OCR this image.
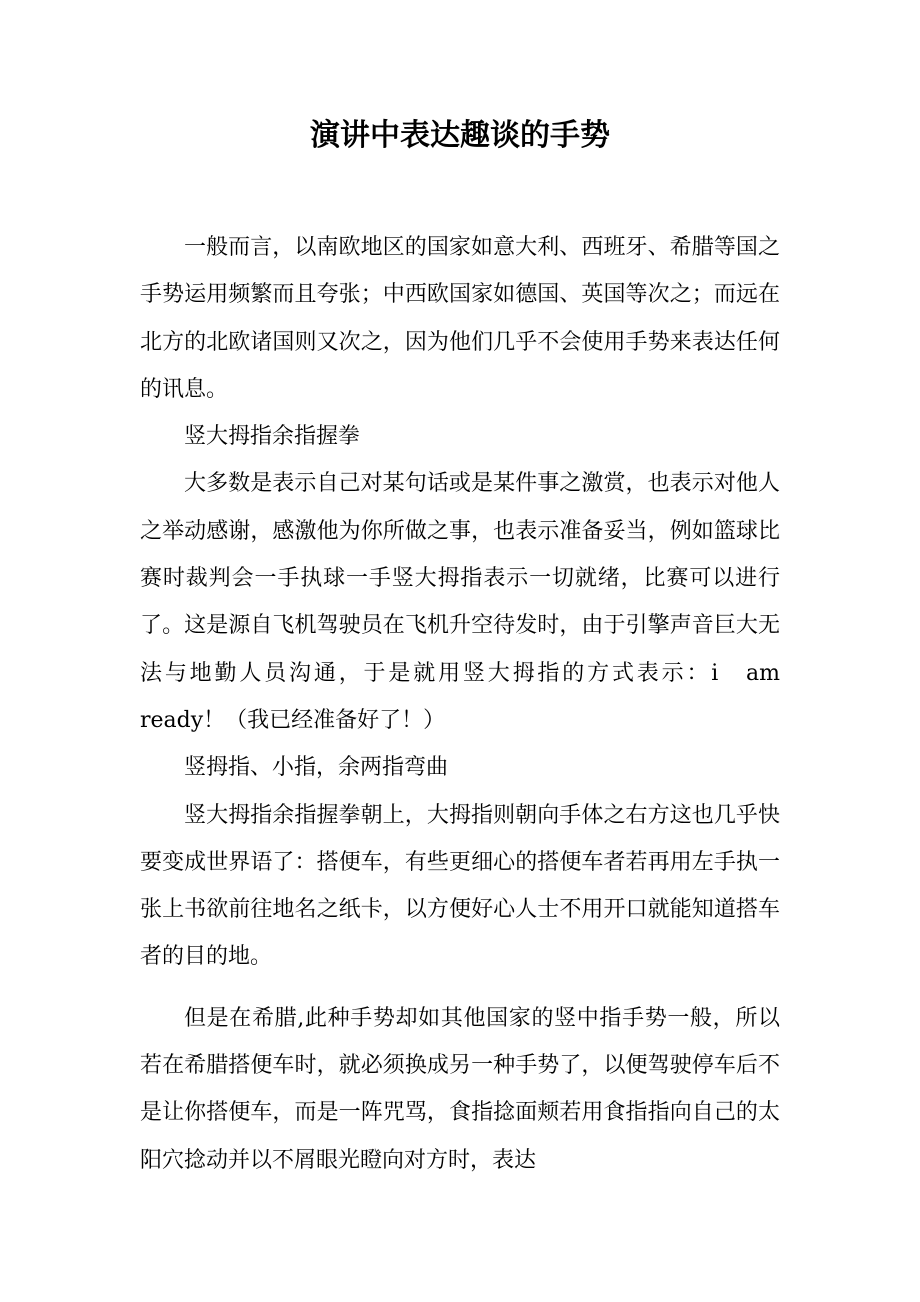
演讲中表达趣谈的手势

一般而言，以南欧地区的国家如意大利、西班牙、希腊等国之手势运用频繁而且夸张；中西欧国家如德国、英国等次之；而远在北方的北欧诸国则又次之，因为他们几乎不会使用手势来表达任何的讯息。

竖大拇指余指握拳

大多数是表示自己对某句话或是某件事之激赏，也表示对他人之举动感谢，感激他为你所做之事，也表示准备妥当，例如篮球比赛时裁判会一手执球一手竖大拇指表示一切就绪，比赛可以进行了。这是源自飞机驾驶员在飞机升空待发时，由于引擎声音巨大无法与地勤人员沟通，于是就用竖大拇指的方式表示：i　am　ready！（我已经准备好了！）

竖拇指、小指，余两指弯曲

竖大拇指余指握拳朝上，大拇指则朝向手体之右方这也几乎快要变成世界语了：搭便车，有些更细心的搭便车者若再用左手执一张上书欲前往地名之纸卡，以方便好心人士不用开口就能知道搭车者的目的地。

但是在希腊,此种手势却如其他国家的竖中指手势一般，所以若在希腊搭便车时，就必须换成另一种手势了，以便驾驶停车后不是让你搭便车，而是一阵咒骂，食指捻面颊若用食指指向自己的太阳穴捻动并以不屑眼光瞪向对方时，表达
